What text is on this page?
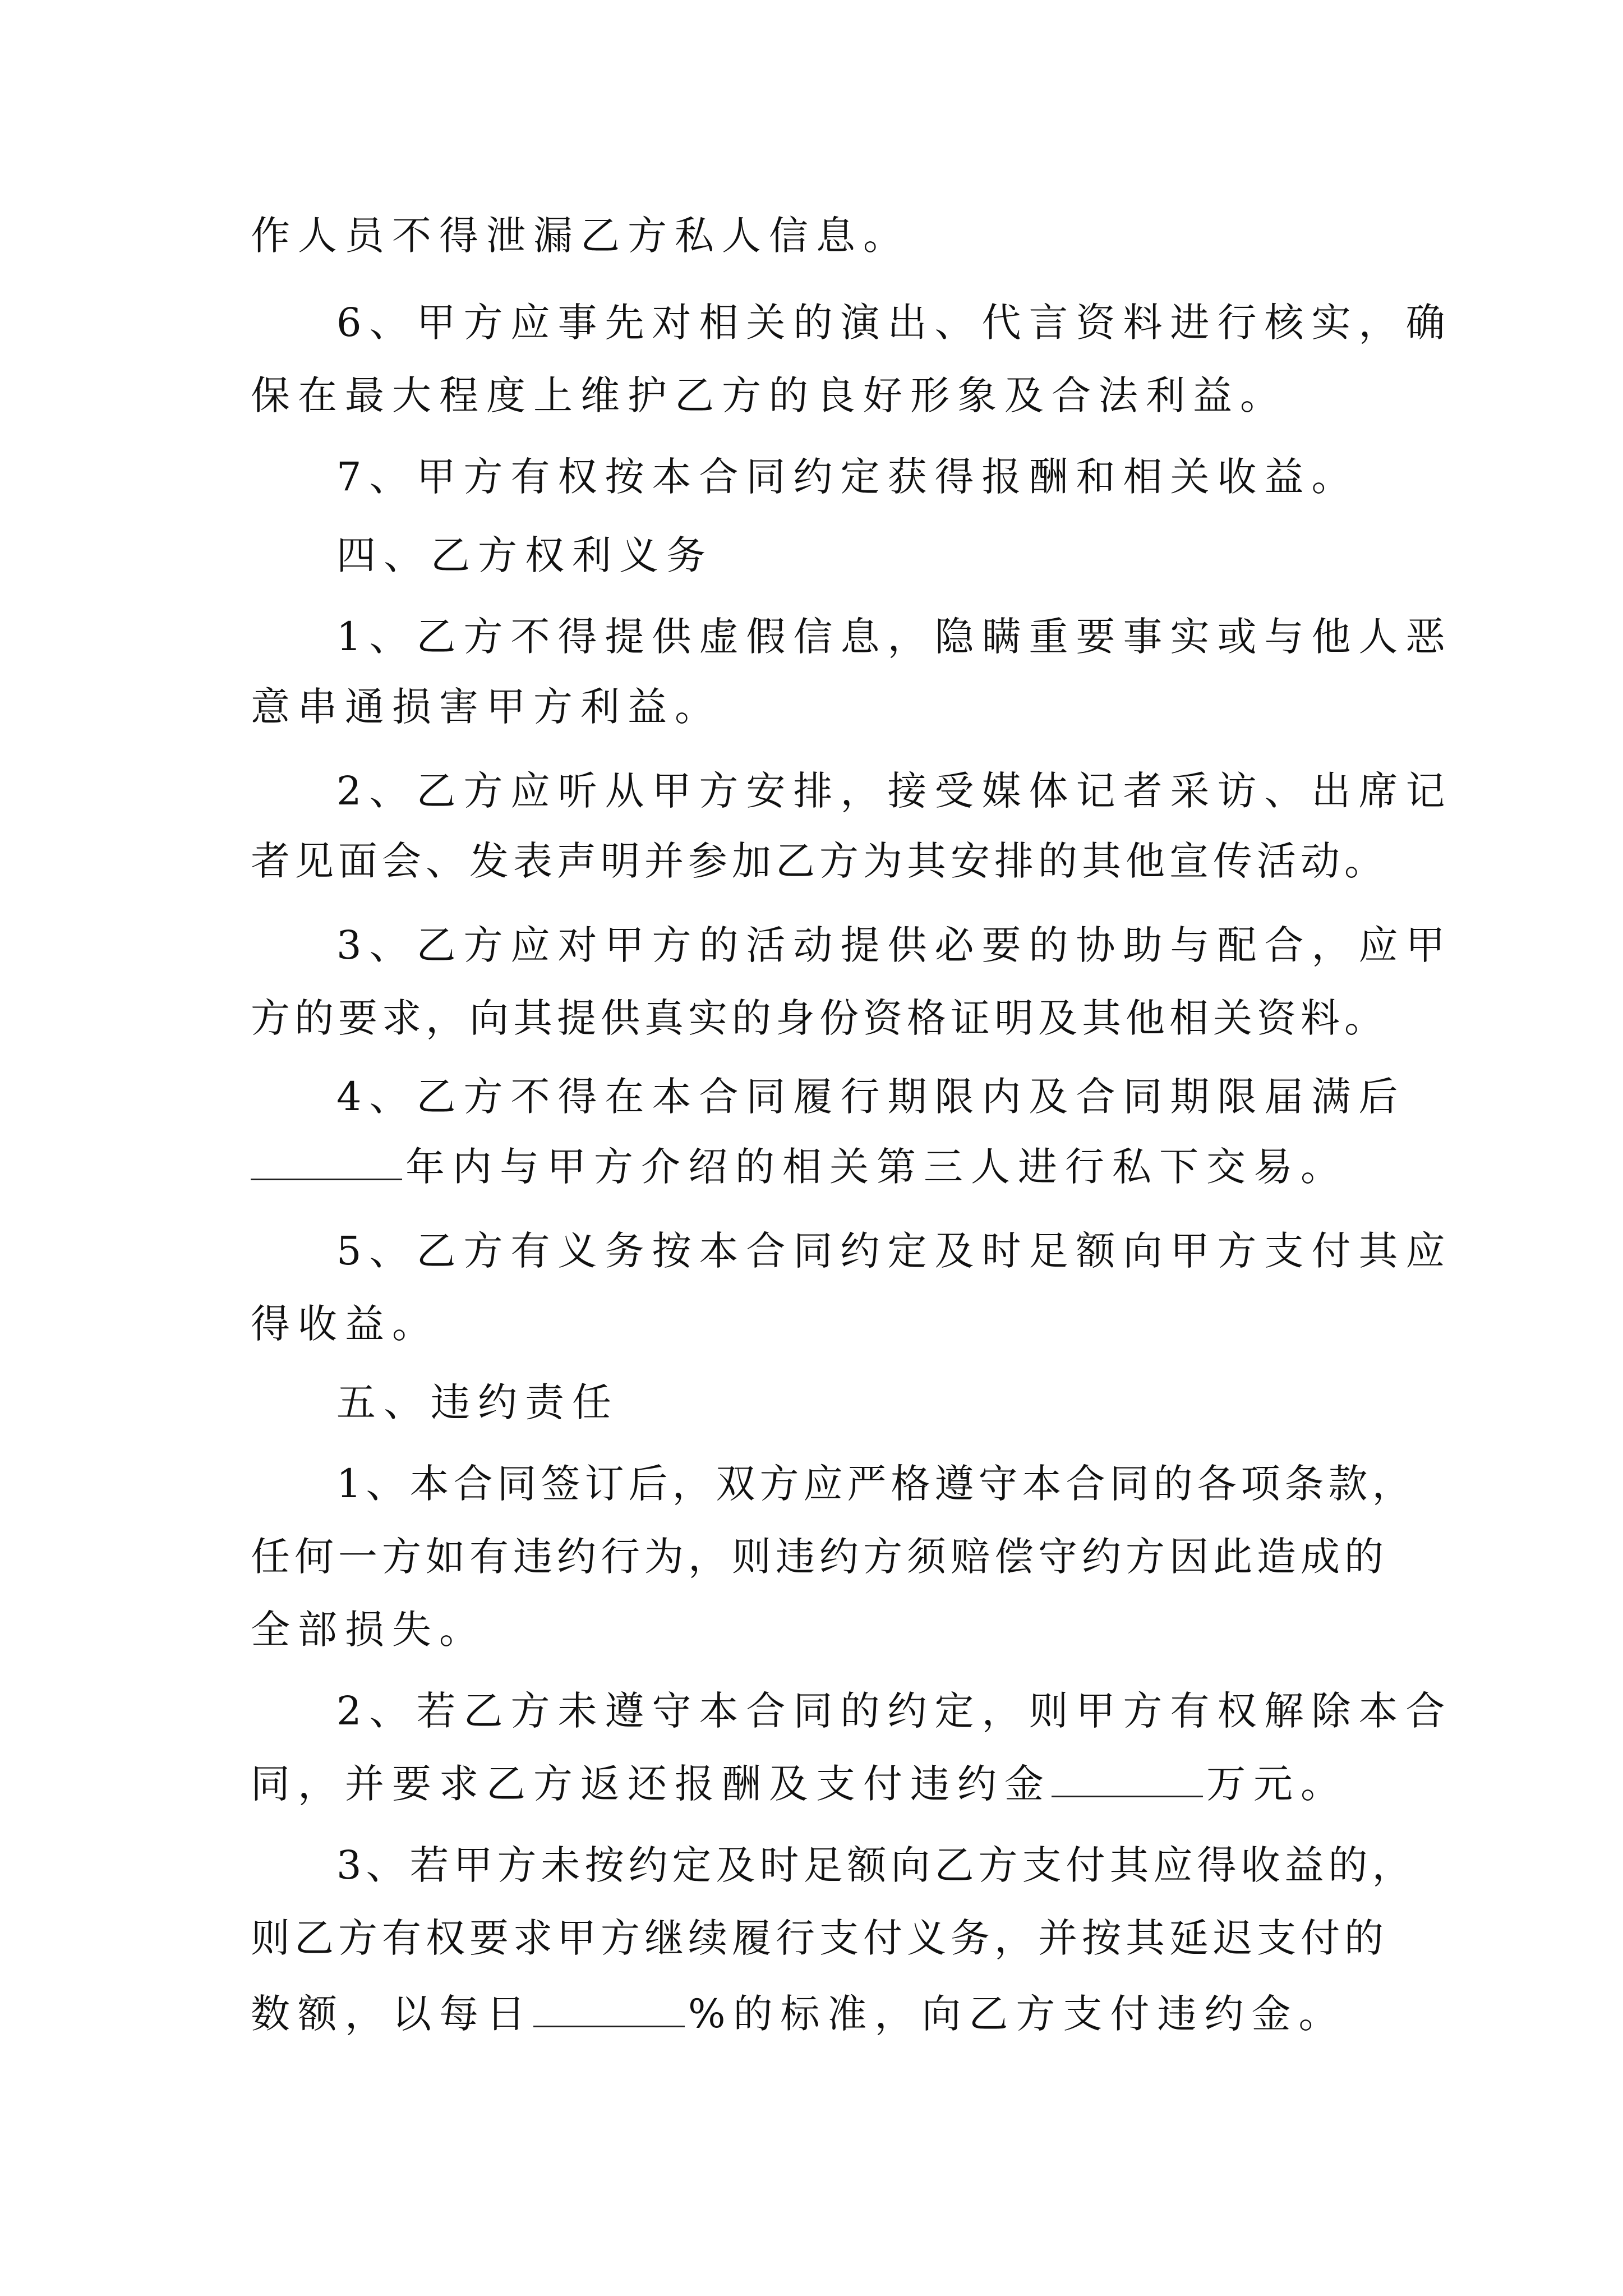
作人员不得泄漏乙方私人信息。
6、甲方应事先对相关的演出、代言资料进行核实，确
保在最大程度上维护乙方的良好形象及合法利益。
7、甲方有权按本合同约定获得报酬和相关收益。
四、乙方权利义务
1、乙方不得提供虚假信息，隐瞒重要事实或与他人恶
意串通损害甲方利益。
2、乙方应听从甲方安排，接受媒体记者采访、出席记
者见面会、发表声明并参加乙方为其安排的其他宣传活动。
3、乙方应对甲方的活动提供必要的协助与配合，应甲
方的要求，向其提供真实的身份资格证明及其他相关资料。
4、乙方不得在本合同履行期限内及合同期限届满后
年内与甲方介绍的相关第三人进行私下交易。
5、乙方有义务按本合同约定及时足额向甲方支付其应
得收益。
五、违约责任
1、本合同签订后，双方应严格遵守本合同的各项条款，
任何一方如有违约行为，则违约方须赔偿守约方因此造成的
全部损失。
2、若乙方未遵守本合同的约定，则甲方有权解除本合
同，并要求乙方返还报酬及支付违约金	万元。
3、若甲方未按约定及时足额向乙方支付其应得收益的，
则乙方有权要求甲方继续履行支付义务，并按其延迟支付的
数额，以每日	%的标准，向乙方支付违约金。
